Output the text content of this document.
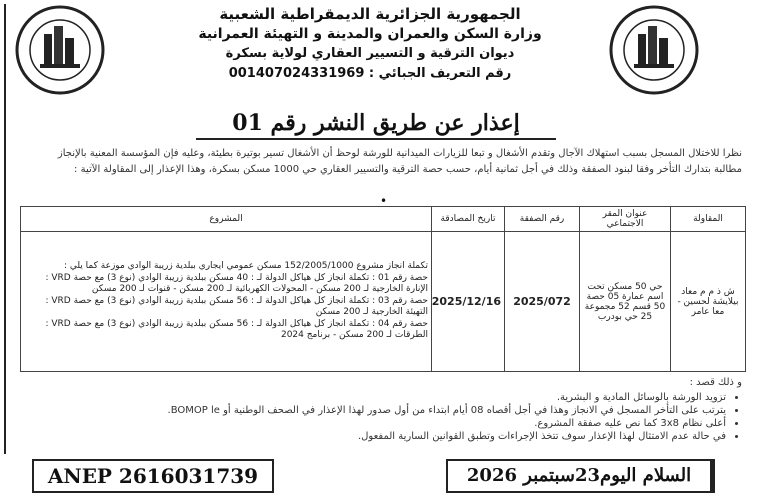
الجمهورية الجزائرية الديمقراطية الشعبية
وزارة السكن والعمران والمدينة و التهيئة العمرانية
ديوان الترقية و التسيير العقاري لولاية بسكرة
رقم التعريف الجبائي : 001407024331969
إعذار عن طريق النشر رقم 01
نظرا للاختلال المسجل بسبب استهلاك الآجال وتقدم الأشغال و تبعا للزيارات الميدانية للورشة لوحظ أن الأشغال تسير بوتيرة بطيئة، وعليه فإن المؤسسة المعنية بالإنجاز مطالبة بتدارك التأخر وفقا لبنود الصفقة وذلك في أجل ثمانية أيام، حسب حصة الترقية والتسيير العقاري حي 1000 مسكن بسكرة، وهذا الإعذار إلى المقاولة الآتية :
•
المقاولة	عنوان المقر الاجتماعي	رقم الصفقة	تاريخ المصادقة	المشروع
ش ذ م م معاد بيلايشة لحسين - معا عامر	حي 50 مسكن تحت اسم عمارة 05 حصة 50 قسم 52 مجموعة 25 حي بودرب	2025/072	2025/12/16	تكملة انجاز مشروع 152/2005/1000 مسكن عمومي ايجاري ببلدية زريبة الوادي موزعة كما يلي :
حصة رقم 01 : تكملة انجاز كل هياكل الدولة لـ : 40 مسكن ببلدية زريبة الوادي (نوع 3) مع حصة VRD : الإنارة الخارجية لـ 200 مسكن - المحولات الكهربائية لـ 200 مسكن - قنوات لـ 200 مسكن
حصة رقم 03 : تكملة انجاز كل هياكل الدولة لـ : 56 مسكن ببلدية زريبة الوادي (نوع 3) مع حصة VRD : التهيئة الخارجية لـ 200 مسكن
حصة رقم 04 : تكملة انجاز كل هياكل الدولة لـ : 56 مسكن ببلدية زريبة الوادي (نوع 3) مع حصة VRD : الطرقات لـ 200 مسكن - برنامج 2024
و ذلك قصد :
• تزويد الورشة بالوسائل المادية و البشرية.
• يترتب على التأخر المسجل في الانجاز وهذا في أجل أقصاه 08 أيام ابتداء من أول صدور لهذا الإعذار في الصحف الوطنية أو BOMOP le.
• أعلى نظام 3x8 كما نص عليه صفقة المشروع.
• في حالة عدم الامتثال لهذا الإعذار سوف تتخذ الإجراءات وتطبق القوانين السارية المفعول.
ANEP 2616031739	السلام اليوم23سبتمبر 2026
